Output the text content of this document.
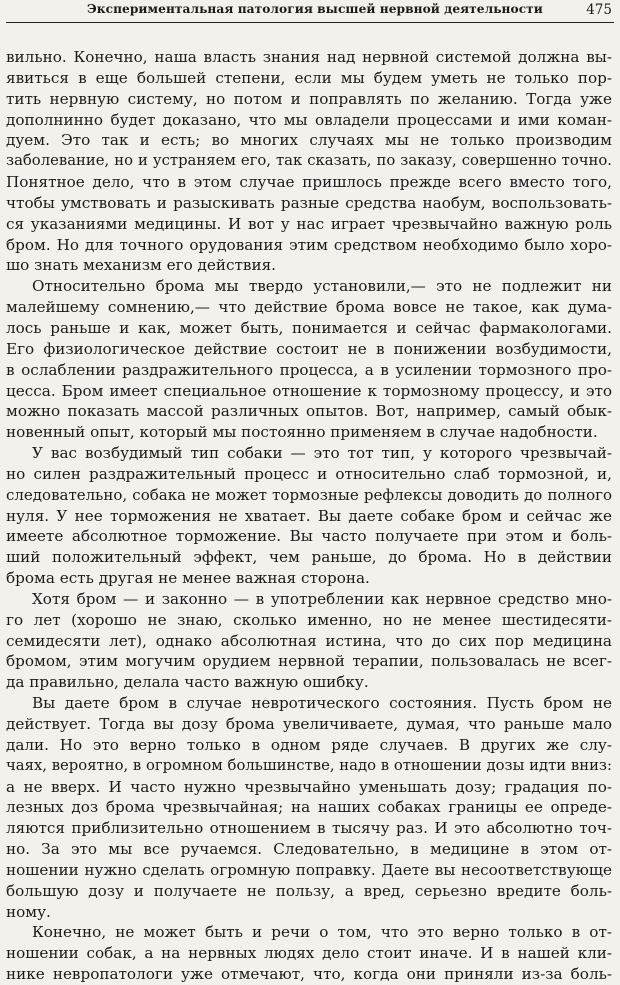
Экспериментальная патология высшей нервной деятельности	475
вильно. Конечно, наша власть знания над нервной системой должна вы-
явиться в еще большей степени, если мы будем уметь не только пор-
тить нервную систему, но потом и поправлять по желанию. Тогда уже
дополнинно будет доказано, что мы овладели процессами и ими коман-
дуем. Это так и есть; во многих случаях мы не только производим
заболевание, но и устраняем его, так сказать, по заказу, совершенно точно.
Понятное дело, что в этом случае пришлось прежде всего вместо того,
чтобы умствовать и разыскивать разные средства наобум, воспользовать-
ся указаниями медицины. И вот у нас играет чрезвычайно важную роль
бром. Но для точного орудования этим средством необходимо было хоро-
шо знать механизм его действия.
Относительно брома мы твердо установили,— это не подлежит ни
малейшему сомнению,— что действие брома вовсе не такое, как дума-
лось раньше и как, может быть, понимается и сейчас фармакологами.
Его физиологическое действие состоит не в понижении возбудимости,
в ослаблении раздражительного процесса, а в усилении тормозного про-
цесса. Бром имеет специальное отношение к тормозному процессу, и это
можно показать массой различных опытов. Вот, например, самый обык-
новенный опыт, который мы постоянно применяем в случае надобности.
У вас возбудимый тип собаки — это тот тип, у которого чрезвычай-
но силен раздражительный процесс и относительно слаб тормозной, и,
следовательно, собака не может тормозные рефлексы доводить до полного
нуля. У нее торможения не хватает. Вы даете собаке бром и сейчас же
имеете абсолютное торможение. Вы часто получаете при этом и боль-
ший положительный эффект, чем раньше, до брома. Но в действии
брома есть другая не менее важная сторона.
Хотя бром — и законно — в употреблении как нервное средство мно-
го лет (хорошо не знаю, сколько именно, но не менее шестидесяти-
семидесяти лет), однако абсолютная истина, что до сих пор медицина
бромом, этим могучим орудием нервной терапии, пользовалась не всег-
да правильно, делала часто важную ошибку.
Вы даете бром в случае невротического состояния. Пусть бром не
действует. Тогда вы дозу брома увеличиваете, думая, что раньше мало
дали. Но это верно только в одном ряде случаев. В других же слу-
чаях, вероятно, в огромном большинстве, надо в отношении дозы идти вниз:
а не вверх. И часто нужно чрезвычайно уменьшать дозу; градация по-
лезных доз брома чрезвычайная; на наших собаках границы ее опреде-
ляются приблизительно отношением в тысячу раз. И это абсолютно точ-
но. За это мы все ручаемся. Следовательно, в медицине в этом от-
ношении нужно сделать огромную поправку. Даете вы несоответствующе
большую дозу и получаете не пользу, а вред, серьезно вредите боль-
ному.
Конечно, не может быть и речи о том, что это верно только в от-
ношении собак, а на нервных людях дело стоит иначе. И в нашей кли-
нике невропатологи уже отмечают, что, когда они приняли из-за боль-
